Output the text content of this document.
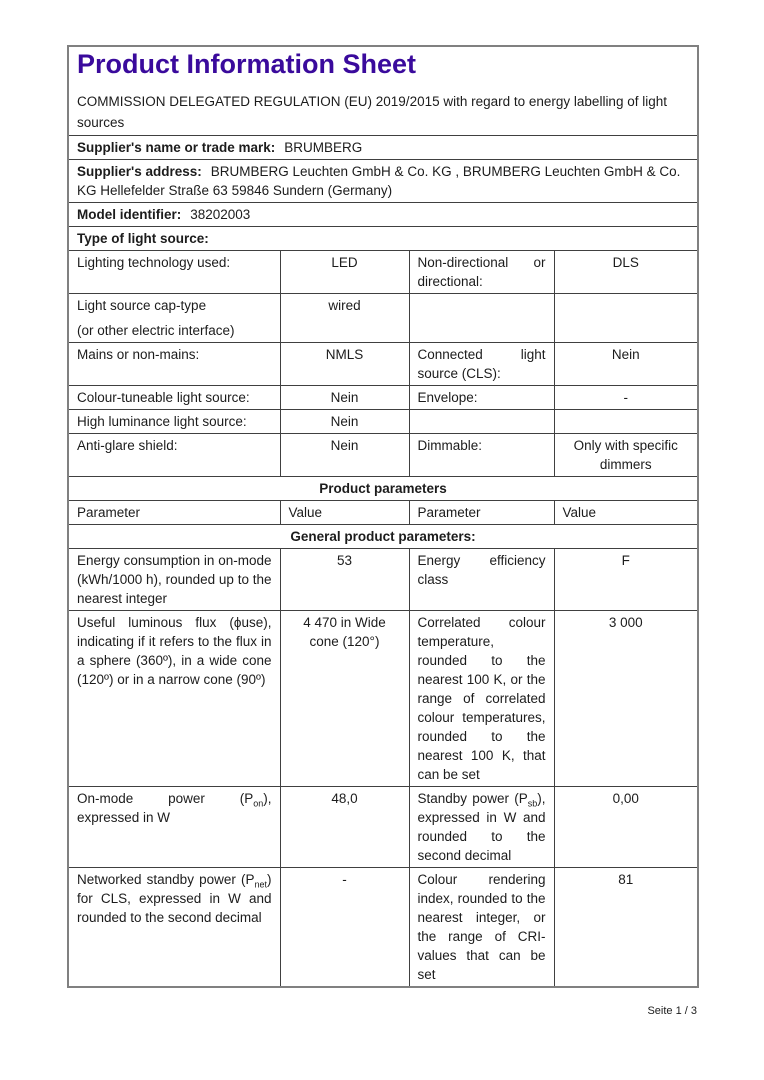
Product Information Sheet

COMMISSION DELEGATED REGULATION (EU) 2019/2015 with regard to energy labelling of light sources

Supplier's name or trade mark: BRUMBERG			
Supplier's address: BRUMBERG Leuchten GmbH & Co. KG , BRUMBERG Leuchten GmbH & Co. KG Hellefelder Straße 63 59846 Sundern (Germany)			
Model identifier: 38202003			
Type of light source:			
Lighting technology used:	LED	Non-directional or directional:	DLS

Light source cap-type
(or other electric interface)	wired		
Mains or non-mains:	NMLS	Connected light source (CLS):	Nein
Colour-tuneable light source:	Nein	Envelope:	-
High luminance light source:	Nein		
Anti-glare shield:	Nein	Dimmable:	Only with specific dimmers
Product parameters			
Parameter	Value	Parameter	Value
General product parameters:			
Energy consumption in on-mode (kWh/1000 h), rounded up to the nearest integer	53	Energy efficiency class	F
Useful luminous flux (ϕuse), indicating if it refers to the flux in a sphere (360º), in a wide cone (120º) or in a narrow cone (90º)	4 470 in Wide cone (120°)	Correlated colour temperature, rounded to the nearest 100 K, or the range of correlated colour temperatures, rounded to the nearest 100 K, that can be set	3 000
On-mode power $(P_{on})$, expressed in W	48,0	Standby power $(P_{sb})$, expressed in W and rounded to the second decimal	0,00
Networked standby power $(P_{net})$ for CLS, expressed in W and rounded to the second decimal	-	Colour rendering index, rounded to the nearest integer, or the range of CRI-values that can be set	81
Seite 1 / 3
